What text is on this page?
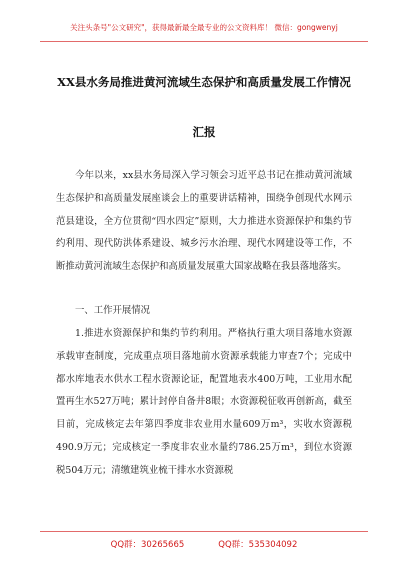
关注头条号"公文研究"，获得最新最全最专业的公文资料库！ 微信：gongwenyj
XX县水务局推进黄河流域生态保护和高质量发展工作情况
汇报

今年以来，xx县水务局深入学习领会习近平总书记在推动黄河流域生态保护和高质量发展座谈会上的重要讲话精神，围绕争创现代水网示范县建设，全方位贯彻“四水四定”原则，大力推进水资源保护和集约节约利用、现代防洪体系建设、城乡污水治理、现代水网建设等工作，不断推动黄河流域生态保护和高质量发展重大国家战略在我县落地落实。

一、工作开展情况

1.推进水资源保护和集约节约利用。严格执行重大项目落地水资源承载审查制度，完成重点项目落地前水资源承载能力审查7个；完成中都水库地表水供水工程水资源论证，配置地表水400万吨，工业用水配置再生水527万吨；累计封停自备井8眼；水资源税征收再创新高，截至目前，完成核定去年第四季度非农业用水量609万m³，实收水资源税490.9万元；完成核定一季度非农业水量约786.25万m³，到位水资源税504万元；清缴建筑业梳干排水水资源税

QQ群：30265665	QQ群：535304092
